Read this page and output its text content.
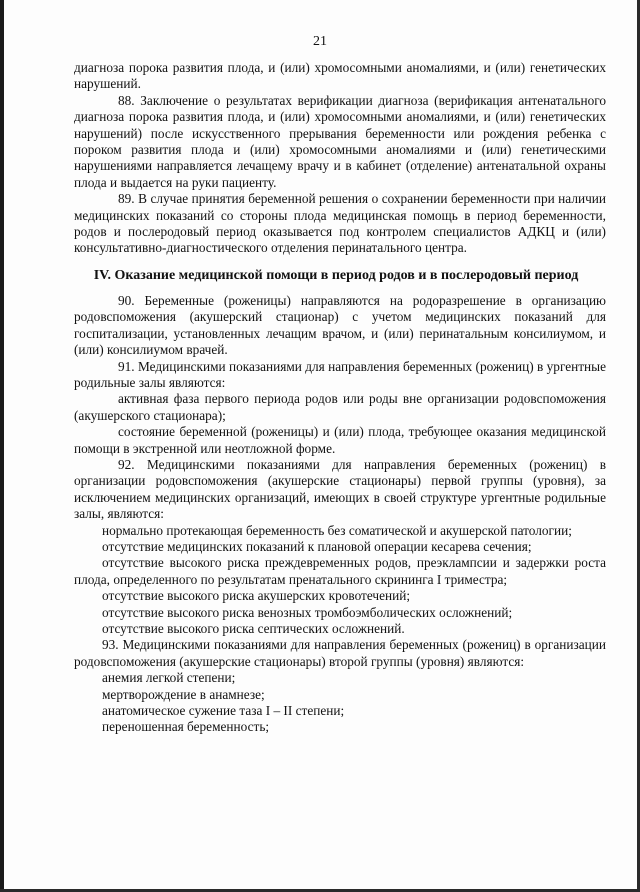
21

диагноза порока развития плода, и (или) хромосомными аномалиями, и (или) генетических нарушений.

88. Заключение о результатах верификации диагноза (верификация антенатального диагноза порока развития плода, и (или) хромосомными аномалиями, и (или) генетических нарушений) после искусственного прерывания беременности или рождения ребенка с пороком развития плода и (или) хромосомными аномалиями и (или) генетическими нарушениями направляется лечащему врачу и в кабинет (отделение) антенатальной охраны плода и выдается на руки пациенту.

89. В случае принятия беременной решения о сохранении беременности при наличии медицинских показаний со стороны плода медицинская помощь в период беременности, родов и послеродовый период оказывается под контролем специалистов АДКЦ и (или) консультативно-диагностического отделения перинатального центра.

IV. Оказание медицинской помощи в период родов и в послеродовый период

90. Беременные (роженицы) направляются на родоразрешение в организацию родовспоможения (акушерский стационар) с учетом медицинских показаний для госпитализации, установленных лечащим врачом, и (или) перинатальным консилиумом, и (или) консилиумом врачей.

91. Медицинскими показаниями для направления беременных (рожениц) в ургентные родильные залы являются:

активная фаза первого периода родов или роды вне организации родовспоможения (акушерского стационара);

состояние беременной (роженицы) и (или) плода, требующее оказания медицинской помощи в экстренной или неотложной форме.

92. Медицинскими показаниями для направления беременных (рожениц) в организации родовспоможения (акушерские стационары) первой группы (уровня), за исключением медицинских организаций, имеющих в своей структуре ургентные родильные залы, являются:

нормально протекающая беременность без соматической и акушерской патологии;

отсутствие медицинских показаний к плановой операции кесарева сечения;

отсутствие высокого риска преждевременных родов, преэклампсии и задержки роста плода, определенного по результатам пренатального скрининга I триместра;

отсутствие высокого риска акушерских кровотечений;

отсутствие высокого риска венозных тромбоэмболических осложнений;

отсутствие высокого риска септических осложнений.

93. Медицинскими показаниями для направления беременных (рожениц) в организации родовспоможения (акушерские стационары) второй группы (уровня) являются:

анемия легкой степени;

мертворождение в анамнезе;

анатомическое сужение таза I – II степени;

переношенная беременность;
